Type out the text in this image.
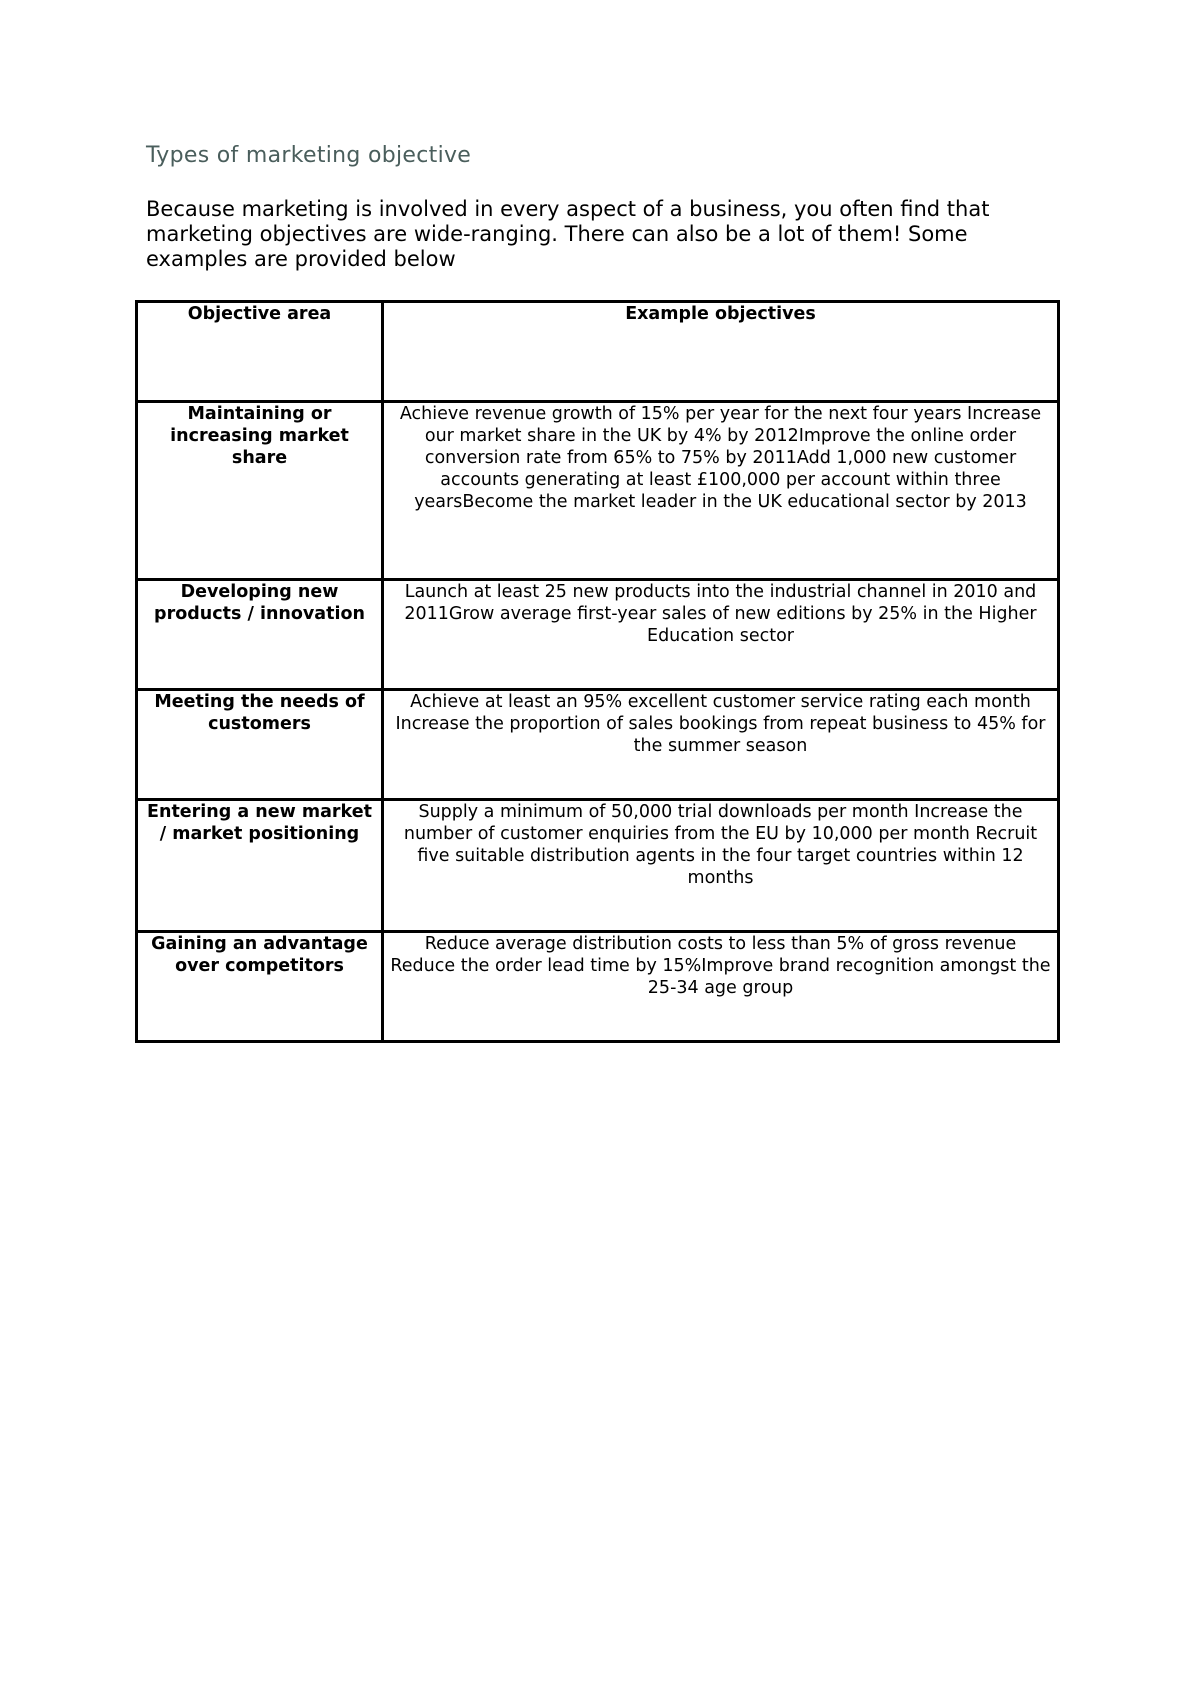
Types of marketing objective
Because marketing is involved in every aspect of a business, you often find that marketing objectives are wide-ranging. There can also be a lot of them! Some examples are provided below
Objective area	Example objectives
Maintaining or increasing market share	Achieve revenue growth of 15% per year for the next four years Increase our market share in the UK by 4% by 2012Improve the online order conversion rate from 65% to 75% by 2011Add 1,000 new customer accounts generating at least £100,000 per account within three yearsBecome the market leader in the UK educational sector by 2013
Developing new products / innovation	Launch at least 25 new products into the industrial channel in 2010 and 2011Grow average first-year sales of new editions by 25% in the Higher Education sector
Meeting the needs of customers	Achieve at least an 95% excellent customer service rating each month Increase the proportion of sales bookings from repeat business to 45% for the summer season
Entering a new market / market positioning	Supply a minimum of 50,000 trial downloads per month Increase the number of customer enquiries from the EU by 10,000 per month Recruit five suitable distribution agents in the four target countries within 12 months
Gaining an advantage over competitors	Reduce average distribution costs to less than 5% of gross revenue Reduce the order lead time by 15%Improve brand recognition amongst the 25-34 age group
